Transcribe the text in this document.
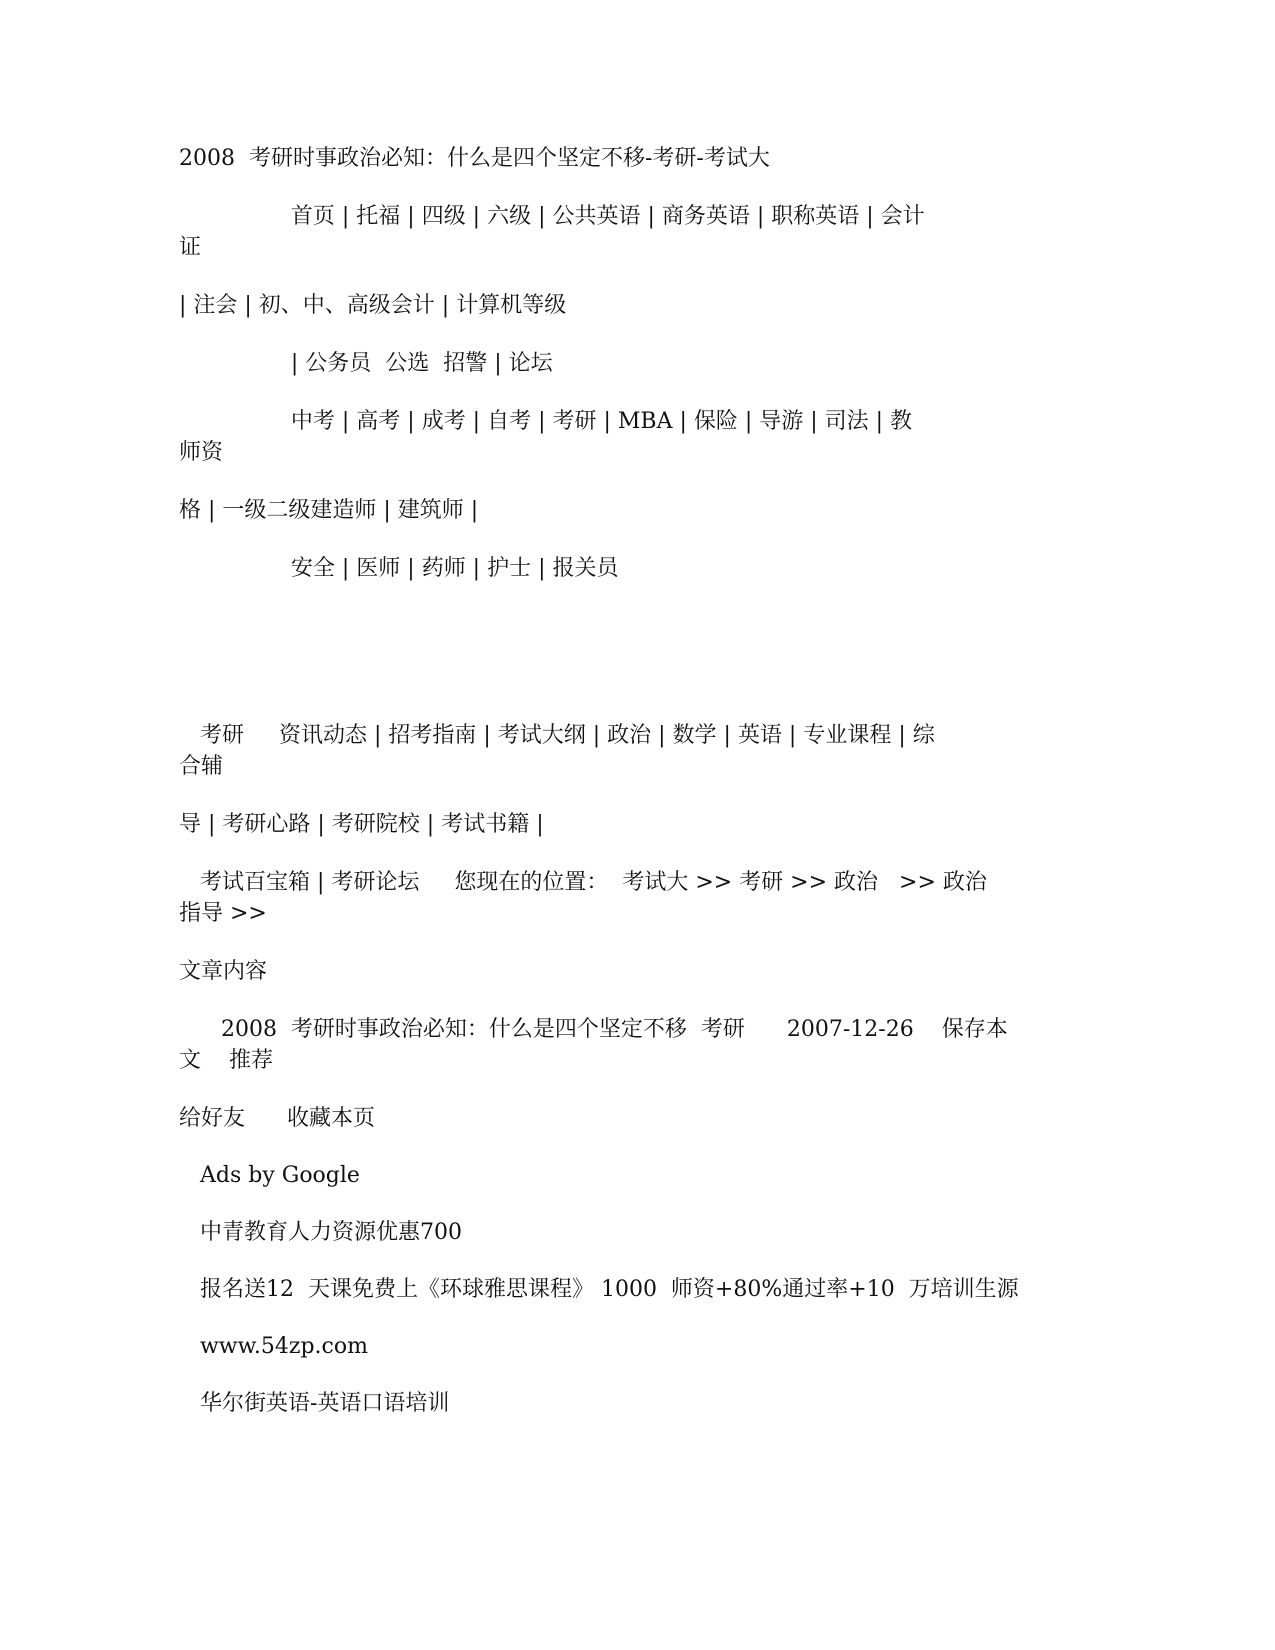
2008  考研时事政治必知：什么是四个坚定不移-考研-考试大

首页 | 托福 | 四级 | 六级 | 公共英语 | 商务英语 | 职称英语 | 会计

证

| 注会 | 初、中、高级会计 | 计算机等级

| 公务员  公选  招警 | 论坛

中考 | 高考 | 成考 | 自考 | 考研 | MBA | 保险 | 导游 | 司法 | 教

师资

格 | 一级二级建造师 | 建筑师 |

安全 | 医师 | 药师 | 护士 | 报关员

考研     资讯动态 | 招考指南 | 考试大纲 | 政治 | 数学 | 英语 | 专业课程 | 综

合辅

导 | 考研心路 | 考研院校 | 考试书籍 |

考试百宝箱 | 考研论坛     您现在的位置：  考试大 >> 考研 >> 政治   >> 政治

指导 >>

文章内容

2008  考研时事政治必知：什么是四个坚定不移  考研      2007-12-26    保存本

文    推荐

给好友      收藏本页

Ads by Google

中青教育人力资源优惠700

报名送12  天课免费上《环球雅思课程》 1000  师资+80%通过率+10  万培训生源

www.54zp.com

华尔街英语-英语口语培训
